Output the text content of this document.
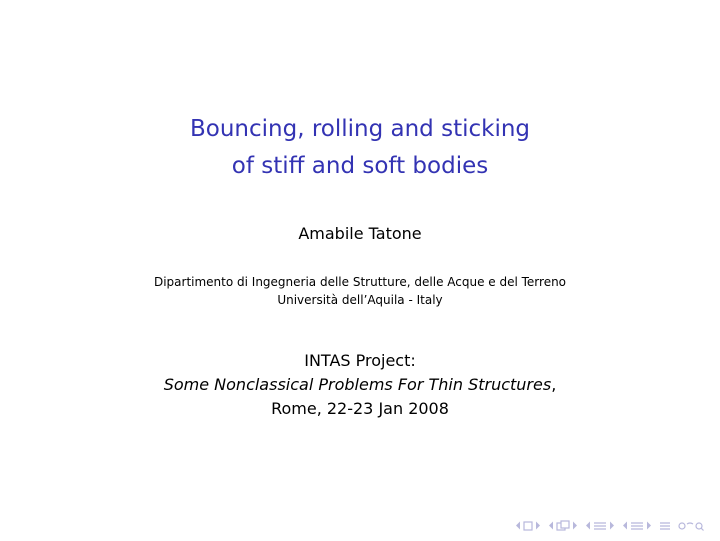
Bouncing, rolling and sticking
of stiff and soft bodies
Amabile Tatone
Dipartimento di Ingegneria delle Strutture, delle Acque e del Terreno
Università dell’Aquila - Italy
INTAS Project:
Some Nonclassical Problems For Thin Structures,
Rome, 22-23 Jan 2008
